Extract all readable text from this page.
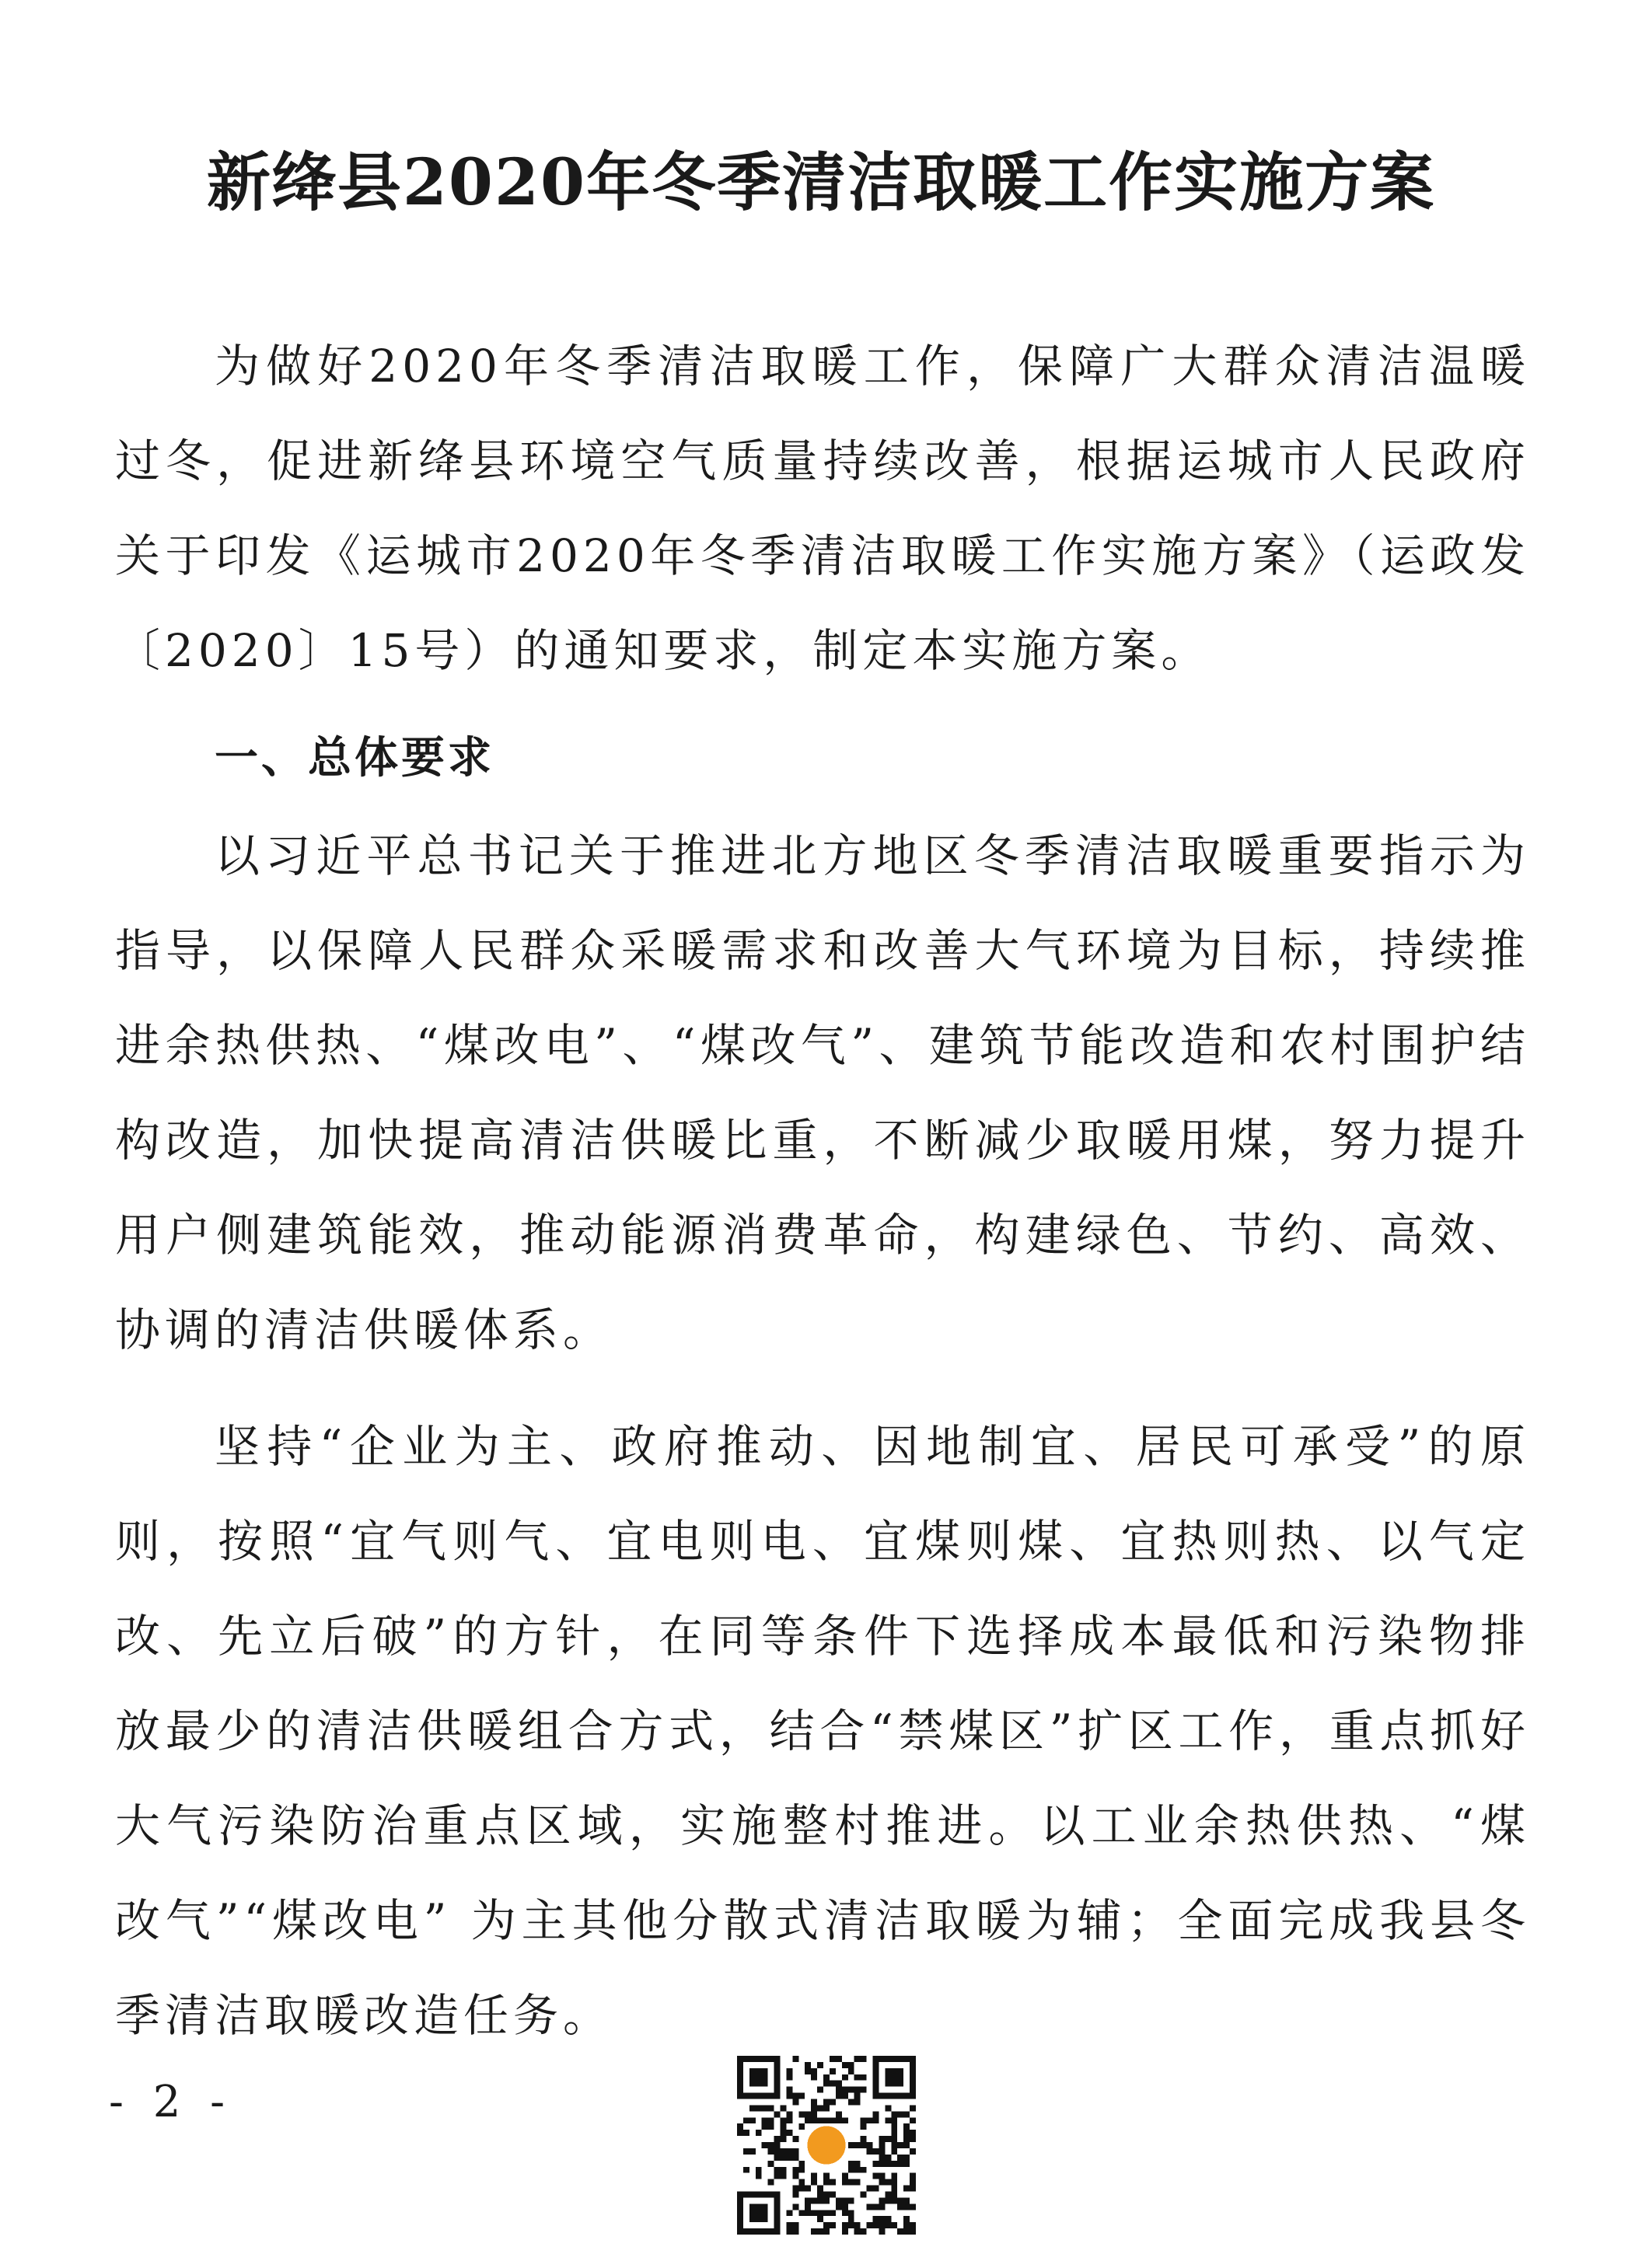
新绛县2020年冬季清洁取暖工作实施方案

为做好2020年冬季清洁取暖工作，保障广大群众清洁温暖过冬，促进新绛县环境空气质量持续改善，根据运城市人民政府关于印发《运城市2020年冬季清洁取暖工作实施方案》（运政发〔2020〕15号）的通知要求，制定本实施方案。

一、总体要求

以习近平总书记关于推进北方地区冬季清洁取暖重要指示为指导，以保障人民群众采暖需求和改善大气环境为目标，持续推进余热供热、“煤改电”、“煤改气”、建筑节能改造和农村围护结构改造，加快提高清洁供暖比重，不断减少取暖用煤，努力提升用户侧建筑能效，推动能源消费革命，构建绿色、节约、高效、协调的清洁供暖体系。

坚持“企业为主、政府推动、因地制宜、居民可承受”的原则，按照“宜气则气、宜电则电、宜煤则煤、宜热则热、以气定改、先立后破”的方针，在同等条件下选择成本最低和污染物排放最少的清洁供暖组合方式，结合“禁煤区”扩区工作，重点抓好大气污染防治重点区域，实施整村推进。以工业余热供热、“煤改气”“煤改电” 为主其他分散式清洁取暖为辅；全面完成我县冬季清洁取暖改造任务。

- 2 -
